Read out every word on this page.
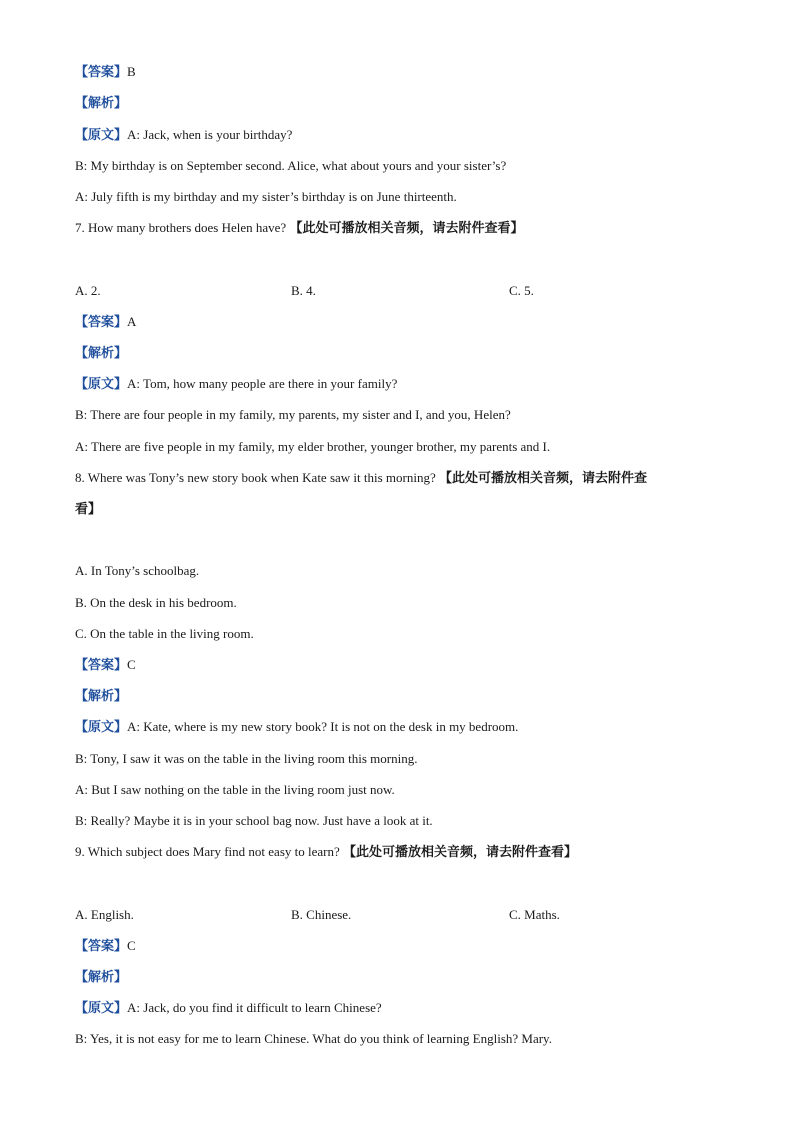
【答案】B
【解析】
【原文】A: Jack, when is your birthday?
B: My birthday is on September second. Alice, what about yours and your sister’s?
A: July fifth is my birthday and my sister’s birthday is on June thirteenth.
7. How many brothers does Helen have? 【此处可播放相关音频，请去附件查看】
A. 2.	B. 4.	C. 5.
【答案】A
【解析】
【原文】A: Tom, how many people are there in your family?
B: There are four people in my family, my parents, my sister and I, and you, Helen?
A: There are five people in my family, my elder brother, younger brother, my parents and I.
8. Where was Tony’s new story book when Kate saw it this morning? 【此处可播放相关音频，请去附件查
看】
A. In Tony’s schoolbag.
B. On the desk in his bedroom.
C. On the table in the living room.
【答案】C
【解析】
【原文】A: Kate, where is my new story book? It is not on the desk in my bedroom.
B: Tony, I saw it was on the table in the living room this morning.
A: But I saw nothing on the table in the living room just now.
B: Really? Maybe it is in your school bag now. Just have a look at it.
9. Which subject does Mary find not easy to learn? 【此处可播放相关音频，请去附件查看】
A. English.	B. Chinese.	C. Maths.
【答案】C
【解析】
【原文】A: Jack, do you find it difficult to learn Chinese?
B: Yes, it is not easy for me to learn Chinese. What do you think of learning English? Mary.
